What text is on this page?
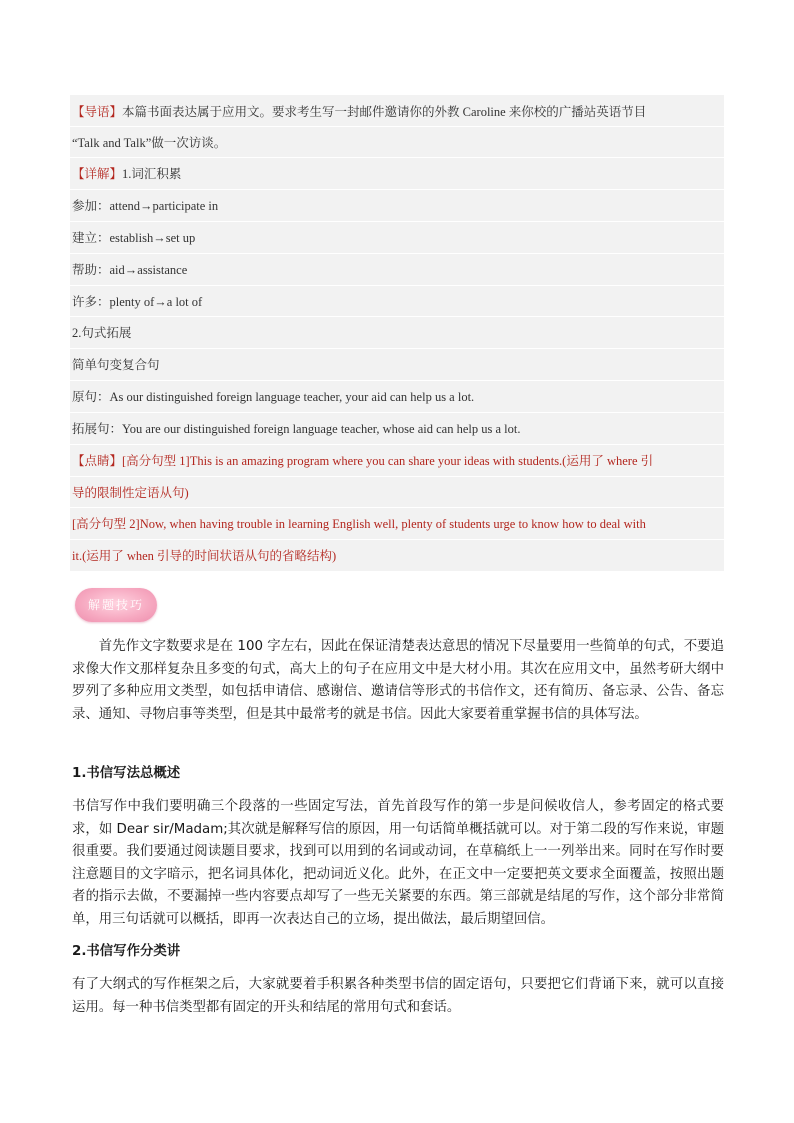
【导语】本篇书面表达属于应用文。要求考生写一封邮件邀请你的外教 Caroline 来你校的广播站英语节目
“Talk and Talk”做一次访谈。
【详解】1.词汇积累
参加：attend→participate in
建立：establish→set up
帮助：aid→assistance
许多：plenty of→a lot of
2.句式拓展
简单句变复合句
原句：As our distinguished foreign language teacher, your aid can help us a lot.
拓展句：You are our distinguished foreign language teacher, whose aid can help us a lot.
【点睛】[高分句型 1]This is an amazing program where you can share your ideas with students.(运用了 where 引
导的限制性定语从句)
[高分句型 2]Now, when having trouble in learning English well, plenty of students urge to know how to deal with
it.(运用了 when 引导的时间状语从句的省略结构)
解题技巧
首先作文字数要求是在 100 字左右，因此在保证清楚表达意思的情况下尽量要用一些简单的句式，不要追求像大作文那样复杂且多变的句式，高大上的句子在应用文中是大材小用。其次在应用文中，虽然考研大纲中罗列了多种应用文类型，如包括申请信、感谢信、邀请信等形式的书信作文，还有简历、备忘录、公告、备忘录、通知、寻物启事等类型，但是其中最常考的就是书信。因此大家要着重掌握书信的具体写法。
1.书信写法总概述
书信写作中我们要明确三个段落的一些固定写法，首先首段写作的第一步是问候收信人，参考固定的格式要求，如 Dear sir/Madam;其次就是解释写信的原因，用一句话简单概括就可以。对于第二段的写作来说，审题很重要。我们要通过阅读题目要求，找到可以用到的名词或动词，在草稿纸上一一列举出来。同时在写作时要注意题目的文字暗示，把名词具体化，把动词近义化。此外，在正文中一定要把英文要求全面覆盖，按照出题者的指示去做，不要漏掉一些内容要点却写了一些无关紧要的东西。第三部就是结尾的写作，这个部分非常简单，用三句话就可以概括，即再一次表达自己的立场，提出做法，最后期望回信。
2.书信写作分类讲
有了大纲式的写作框架之后，大家就要着手积累各种类型书信的固定语句，只要把它们背诵下来，就可以直接运用。每一种书信类型都有固定的开头和结尾的常用句式和套话。
